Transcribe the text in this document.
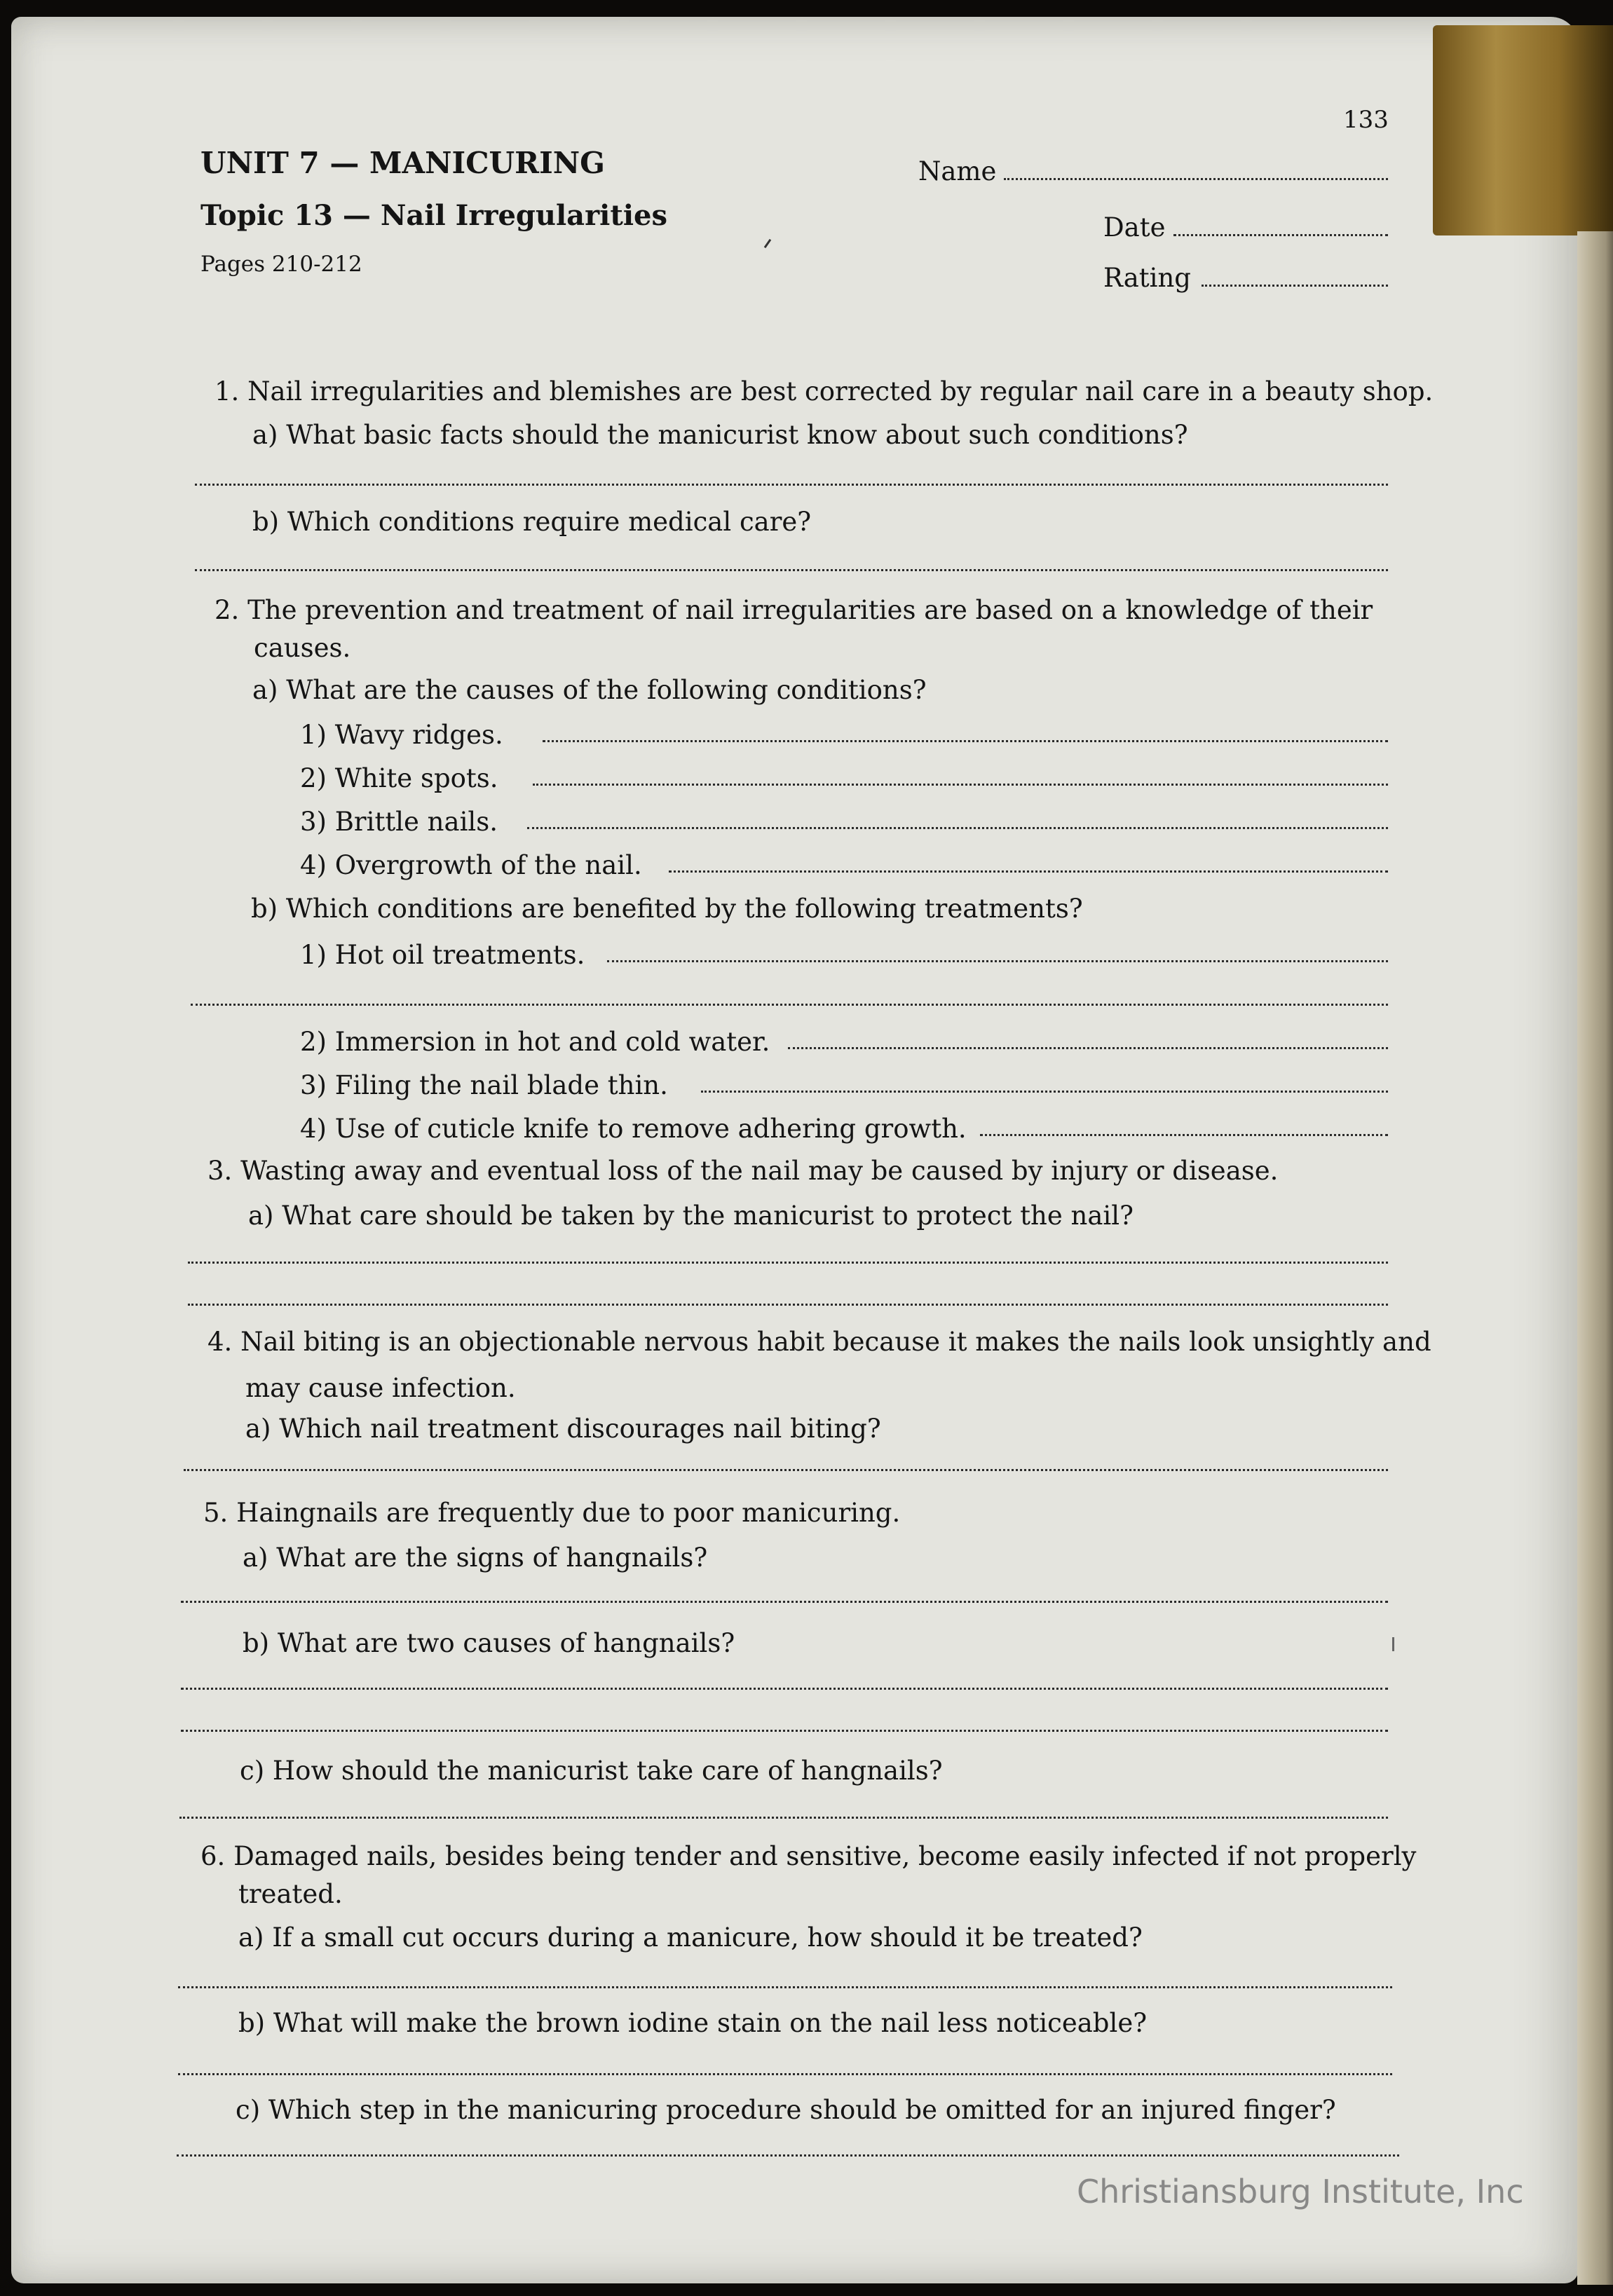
133
UNIT 7 — MANICURING
Topic 13 — Nail Irregularities
Pages 210-212
Name
Date
Rating
1. Nail irregularities and blemishes are best corrected by regular nail care in a beauty shop.
a) What basic facts should the manicurist know about such conditions?
b) Which conditions require medical care?
2. The prevention and treatment of nail irregularities are based on a knowledge of their
causes.
a) What are the causes of the following conditions?
1) Wavy ridges.
2) White spots.
3) Brittle nails.
4) Overgrowth of the nail.
b) Which conditions are benefited by the following treatments?
1) Hot oil treatments.
2) Immersion in hot and cold water.
3) Filing the nail blade thin.
4) Use of cuticle knife to remove adhering growth.
3. Wasting away and eventual loss of the nail may be caused by injury or disease.
a) What care should be taken by the manicurist to protect the nail?
4. Nail biting is an objectionable nervous habit because it makes the nails look unsightly and
may cause infection.
a) Which nail treatment discourages nail biting?
5. Haingnails are frequently due to poor manicuring.
a) What are the signs of hangnails?
b) What are two causes of hangnails?
c) How should the manicurist take care of hangnails?
6. Damaged nails, besides being tender and sensitive, become easily infected if not properly
treated.
a) If a small cut occurs during a manicure, how should it be treated?
b) What will make the brown iodine stain on the nail less noticeable?
c) Which step in the manicuring procedure should be omitted for an injured finger?
Christiansburg Institute, Inc
